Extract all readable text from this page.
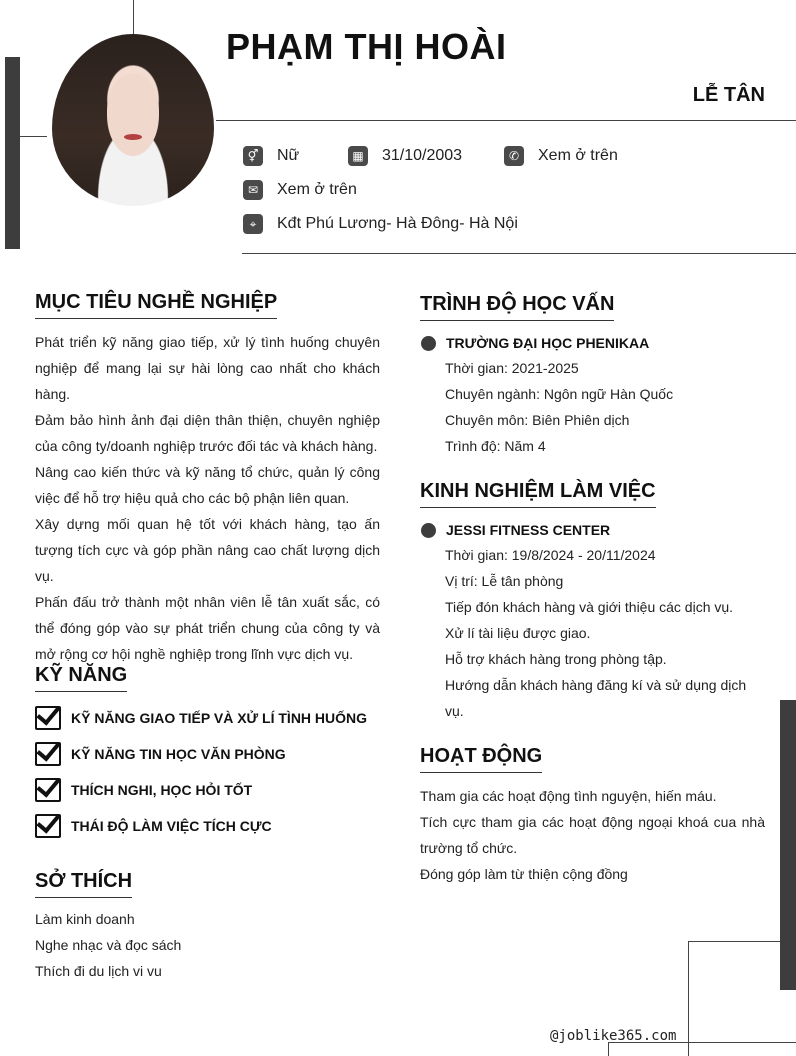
PHẠM THỊ HOÀI
LỄ TÂN
⚥ Nữ	▦ 31/10/2003	✆	Xem ở trên
✉	Xem ở trên
⌖	Kđt Phú Lương- Hà Đông- Hà Nội
MỤC TIÊU NGHỀ NGHIỆP
Phát triển kỹ năng giao tiếp, xử lý tình huống chuyên nghiệp để mang lại sự hài lòng cao nhất cho khách hàng.
Đảm bảo hình ảnh đại diện thân thiện, chuyên nghiệp của công ty/doanh nghiệp trước đối tác và khách hàng.
Nâng cao kiến thức và kỹ năng tổ chức, quản lý công việc để hỗ trợ hiệu quả cho các bộ phận liên quan.
Xây dựng mối quan hệ tốt với khách hàng, tạo ấn tượng tích cực và góp phần nâng cao chất lượng dịch vụ.
Phấn đấu trở thành một nhân viên lễ tân xuất sắc, có thể đóng góp vào sự phát triển chung của công ty và mở rộng cơ hội nghề nghiệp trong lĩnh vực dịch vụ.
KỸ NĂNG
KỸ NĂNG GIAO TIẾP VÀ XỬ LÍ TÌNH HUỐNG
KỸ NĂNG TIN HỌC VĂN PHÒNG
THÍCH NGHI, HỌC HỎI TỐT
THÁI ĐỘ LÀM VIỆC TÍCH CỰC
SỞ THÍCH
Làm kinh doanh
Nghe nhạc và đọc sách
Thích đi du lịch vi vu
TRÌNH ĐỘ HỌC VẤN
TRƯỜNG ĐẠI HỌC PHENIKAA
Thời gian: 2021-2025
Chuyên ngành: Ngôn ngữ Hàn Quốc
Chuyên môn: Biên Phiên dịch
Trình độ: Năm 4
KINH NGHIỆM LÀM VIỆC
JESSI FITNESS CENTER
Thời gian: 19/8/2024 - 20/11/2024
Vị trí: Lễ tân phòng
Tiếp đón khách hàng và giới thiệu các dịch vụ.
Xử lí tài liệu được giao.
Hỗ trợ khách hàng trong phòng tập.
Hướng dẫn khách hàng đăng kí và sử dụng dịch vụ.
HOẠT ĐỘNG
Tham gia các hoạt động tình nguyện, hiến máu.
Tích cực tham gia các hoạt động ngoại khoá cua nhà trường tổ chức.
Đóng góp làm từ thiện cộng đồng
@joblike365.com
